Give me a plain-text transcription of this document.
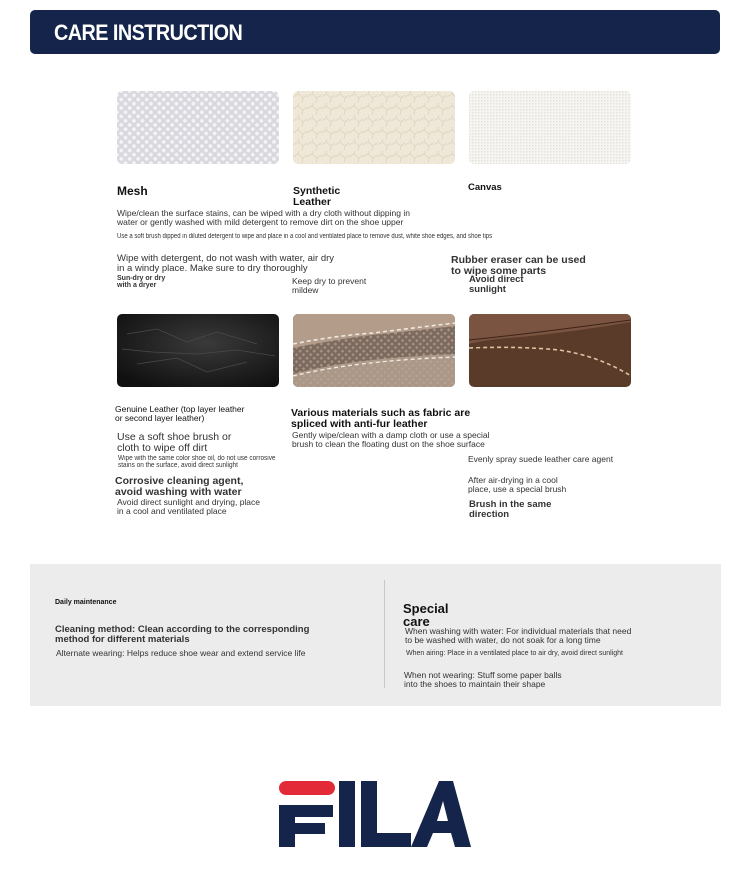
CARE INSTRUCTION

Mesh	Synthetic
Leather

Canvas

Wipe/clean the surface stains, can be wiped with a dry cloth without dipping in
water or gently washed with mild detergent to remove dirt on the shoe upper

Use a soft brush dipped in diluted detergent to wipe and place in a cool and ventilated place to remove dust, white shoe edges, and shoe tips

Wipe with detergent, do not wash with water, air dry
in a windy place. Make sure to dry thoroughly

Sun-dry or dry
with a dryer	Keep dry to prevent
mildew

Rubber eraser can be used
to wipe some parts

Avoid direct
sunlight

Genuine Leather (top layer leather
or second layer leather)	Various materials such as fabric are
spliced with anti-fur leather

Use a soft shoe brush or
cloth to wipe off dirt

Gently wipe/clean with a damp cloth or use a special
brush to clean the floating dust on the shoe surface

Wipe with the same color shoe oil, do not use corrosive
stains on the surface, avoid direct sunlight

Evenly spray suede leather care agent

Corrosive cleaning agent,
avoid washing with water

After air-drying in a cool
place, use a special brush

Avoid direct sunlight and drying, place
in a cool and ventilated place

Brush in the same
direction

Daily maintenance

Cleaning method: Clean according to the corresponding
method for different materials

Alternate wearing: Helps reduce shoe wear and extend service life

Special
care

When washing with water: For individual materials that need
to be washed with water, do not soak for a long time

When airing: Place in a ventilated place to air dry, avoid direct sunlight

When not wearing: Stuff some paper balls
into the shoes to maintain their shape
